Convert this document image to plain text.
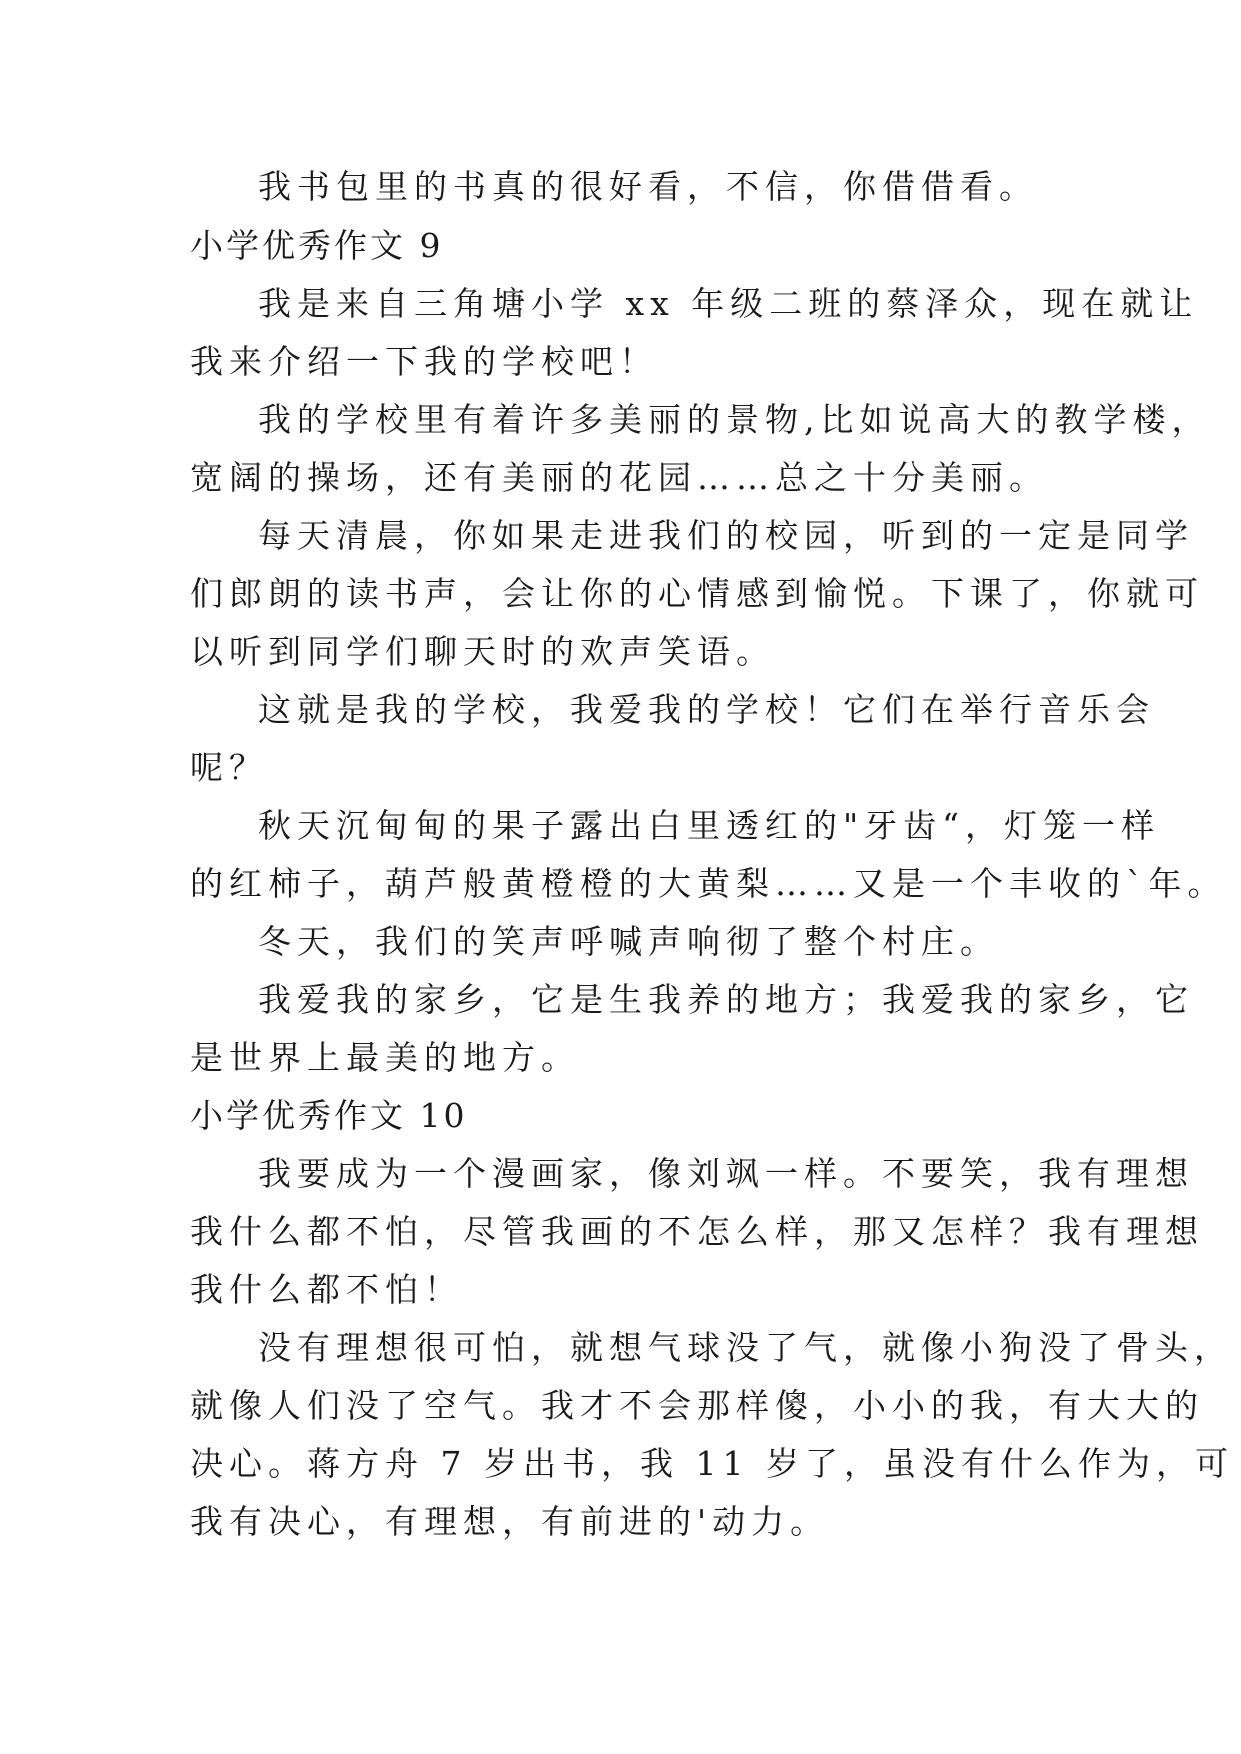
我书包里的书真的很好看，不信，你借借看。

小学优秀作文 9

我是来自三角塘小学 xx 年级二班的蔡泽众，现在就让

我来介绍一下我的学校吧！

我的学校里有着许多美丽的景物,比如说高大的教学楼，

宽阔的操场，还有美丽的花园……总之十分美丽。

每天清晨，你如果走进我们的校园，听到的一定是同学

们郎朗的读书声，会让你的心情感到愉悦。下课了，你就可

以听到同学们聊天时的欢声笑语。

这就是我的学校，我爱我的学校！它们在举行音乐会

呢？

秋天沉甸甸的果子露出白里透红的"牙齿“，灯笼一样

的红柿子，葫芦般黄橙橙的大黄梨……又是一个丰收的`年。

冬天，我们的笑声呼喊声响彻了整个村庄。

我爱我的家乡，它是生我养的地方；我爱我的家乡，它

是世界上最美的地方。

小学优秀作文 10

我要成为一个漫画家，像刘飒一样。不要笑，我有理想

我什么都不怕，尽管我画的不怎么样，那又怎样？我有理想

我什么都不怕！

没有理想很可怕，就想气球没了气，就像小狗没了骨头，

就像人们没了空气。我才不会那样傻，小小的我，有大大的

决心。蒋方舟 7 岁出书，我 11 岁了，虽没有什么作为，可

我有决心，有理想，有前进的'动力。
